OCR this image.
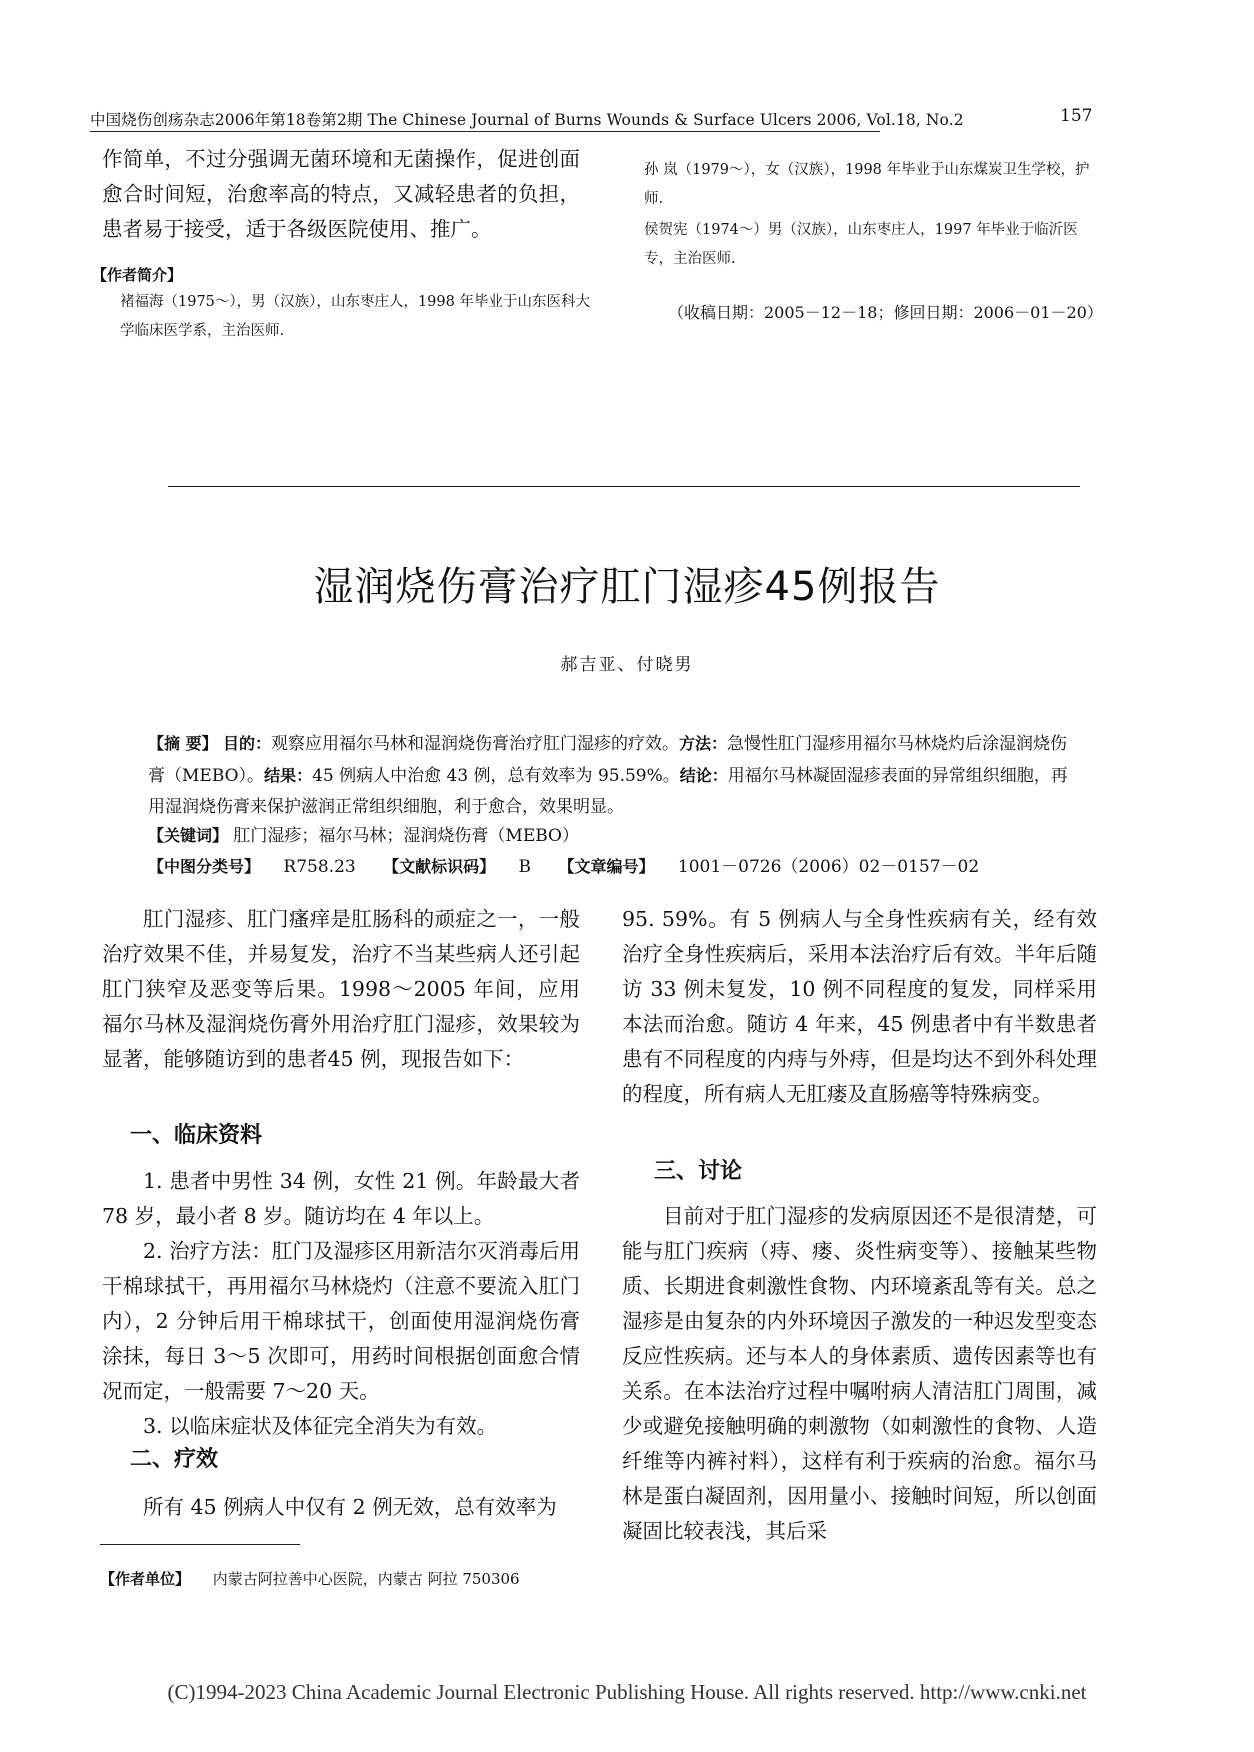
中国烧伤创疡杂志2006年第18卷第2期 The Chinese Journal of Burns Wounds & Surface Ulcers 2006, Vol.18, No.2	157
作简单，不过分强调无菌环境和无菌操作，促进创面愈合时间短，治愈率高的特点，又减轻患者的负担，患者易于接受，适于各级医院使用、推广。
【作者简介】
褚福海（1975～），男（汉族），山东枣庄人，1998 年毕业于山东医科大学临床医学系，主治医师.
孙 岚（1979～），女（汉族），1998 年毕业于山东煤炭卫生学校，护师.
侯贺宪（1974～）男（汉族），山东枣庄人，1997 年毕业于临沂医专，主治医师.
（收稿日期：2005－12－18；修回日期：2006－01－20）
湿润烧伤膏治疗肛门湿疹45例报告
郝吉亚、付晓男
【摘 要】 目的：观察应用福尔马林和湿润烧伤膏治疗肛门湿疹的疗效。方法：急慢性肛门湿疹用福尔马林烧灼后涂湿润烧伤膏（MEBO）。结果：45 例病人中治愈 43 例，总有效率为 95.59%。结论：用福尔马林凝固湿疹表面的异常组织细胞，再用湿润烧伤膏来保护滋润正常组织细胞，利于愈合，效果明显。
【关键词】 肛门湿疹；福尔马林；湿润烧伤膏（MEBO）
【中图分类号】 R758.23 【文献标识码】 B 【文章编号】 1001－0726（2006）02－0157－02
肛门湿疹、肛门瘙痒是肛肠科的顽症之一，一般治疗效果不佳，并易复发，治疗不当某些病人还引起肛门狭窄及恶变等后果。1998～2005 年间，应用福尔马林及湿润烧伤膏外用治疗肛门湿疹，效果较为显著，能够随访到的患者45 例，现报告如下：
一、临床资料
1. 患者中男性 34 例，女性 21 例。年龄最大者78 岁，最小者 8 岁。随访均在 4 年以上。
2. 治疗方法：肛门及湿疹区用新洁尔灭消毒后用干棉球拭干，再用福尔马林烧灼（注意不要流入肛门内），2 分钟后用干棉球拭干，创面使用湿润烧伤膏涂抹，每日 3～5 次即可，用药时间根据创面愈合情况而定，一般需要 7～20 天。
3. 以临床症状及体征完全消失为有效。
二、疗效
所有 45 例病人中仅有 2 例无效，总有效率为
95. 59%。有 5 例病人与全身性疾病有关，经有效治疗全身性疾病后，采用本法治疗后有效。半年后随访 33 例未复发，10 例不同程度的复发，同样采用本法而治愈。随访 4 年来，45 例患者中有半数患者患有不同程度的内痔与外痔，但是均达不到外科处理的程度，所有病人无肛瘘及直肠癌等特殊病变。
三、讨论
目前对于肛门湿疹的发病原因还不是很清楚，可能与肛门疾病（痔、瘘、炎性病变等）、接触某些物质、长期进食刺激性食物、内环境紊乱等有关。总之湿疹是由复杂的内外环境因子激发的一种迟发型变态反应性疾病。还与本人的身体素质、遗传因素等也有关系。在本法治疗过程中嘱咐病人清洁肛门周围，减少或避免接触明确的刺激物（如刺激性的食物、人造纤维等内裤衬料），这样有利于疾病的治愈。福尔马林是蛋白凝固剂，因用量小、接触时间短，所以创面凝固比较表浅，其后采
【作者单位】 内蒙古阿拉善中心医院，内蒙古 阿拉 750306
(C)1994-2023 China Academic Journal Electronic Publishing House. All rights reserved. http://www.cnki.net
